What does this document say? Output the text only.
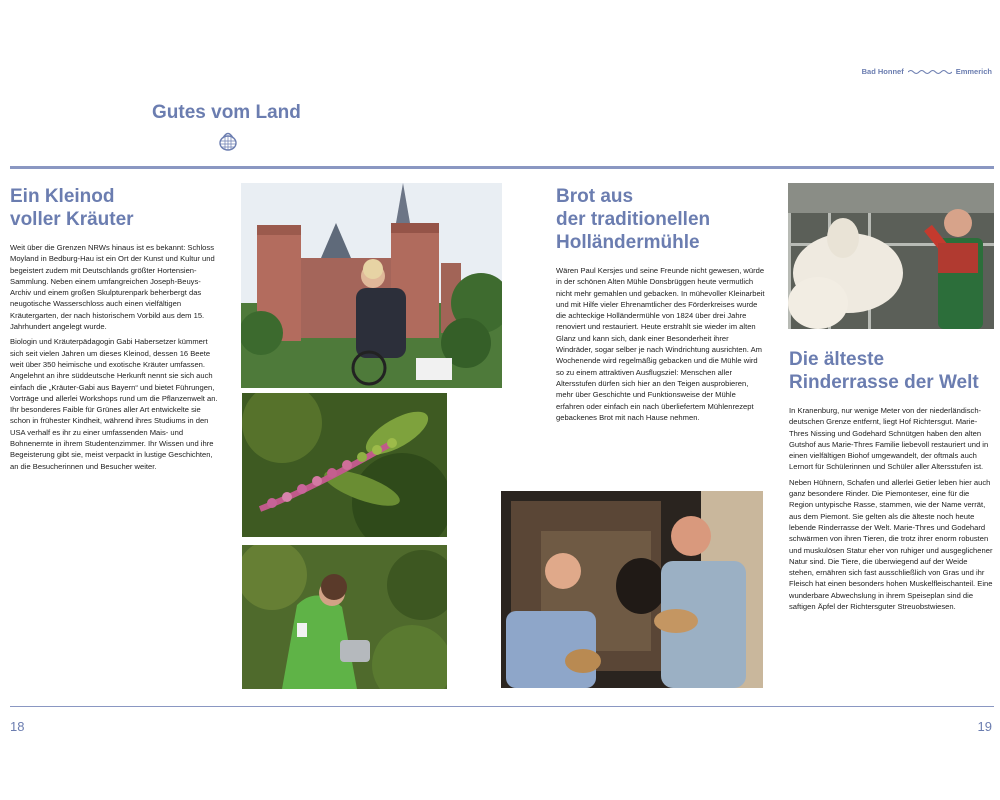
Bad Honnef	Emmerich
Gutes vom Land
Ein Kleinod
voller Kräuter

Weit über die Grenzen NRWs hinaus ist es bekannt: Schloss Moyland in Bedburg-Hau ist ein Ort der Kunst und Kultur und begeistert zudem mit Deutschlands größter Hortensien-Sammlung. Neben einem umfangreichen Joseph-Beuys-Archiv und einem großen Skulpturenpark beherbergt das neugotische Wasserschloss auch einen vielfältigen Kräutergarten, der nach historischem Vorbild aus dem 15. Jahrhundert angelegt wurde.

Biologin und Kräuterpädagogin Gabi Habersetzer kümmert sich seit vielen Jahren um dieses Kleinod, dessen 16 Beete weit über 350 heimische und exotische Kräuter umfassen. Angelehnt an ihre süddeutsche Herkunft nennt sie sich auch einfach die „Kräuter-Gabi aus Bayern“ und bietet Führungen, Vorträge und allerlei Workshops rund um die Pflanzenwelt an. Ihr besonderes Faible für Grünes aller Art entwickelte sie schon in frühester Kindheit, während ihres Studiums in den USA verhalf es ihr zu einer umfassenden Mais- und Bohnenernte in ihrem Studentenzimmer. Ihr Wissen und ihre Begeisterung gibt sie, meist verpackt in lustige Geschichten, an die Besucherinnen und Besucher weiter.

Brot aus
der traditionellen
Holländermühle

Wären Paul Kersjes und seine Freunde nicht gewesen, würde in der schönen Alten Mühle Donsbrüggen heute vermutlich nicht mehr gemahlen und gebacken. In mühevoller Kleinarbeit und mit Hilfe vieler Ehrenamtlicher des Förderkreises wurde die achteckige Holländermühle von 1824 über drei Jahre renoviert und restauriert. Heute erstrahlt sie wieder im alten Glanz und kann sich, dank einer Besonderheit ihrer Windräder, sogar selber je nach Windrichtung ausrichten. Am Wochenende wird regelmäßig gebacken und die Mühle wird so zu einem attraktiven Ausflugsziel: Menschen aller Altersstufen dürfen sich hier an den Teigen ausprobieren, mehr über Geschichte und Funktionsweise der Mühle erfahren oder einfach ein nach überliefertem Mühlenrezept gebackenes Brot mit nach Hause nehmen.

Die älteste
Rinderrasse der Welt

In Kranenburg, nur wenige Meter von der niederländisch-deutschen Grenze entfernt, liegt Hof Richtersgut. Marie-Thres Nissing und Godehard Schnütgen haben den alten Gutshof aus Marie-Thres Familie liebevoll restauriert und in einen vielfältigen Biohof umgewandelt, der oftmals auch Lernort für Schülerinnen und Schüler aller Altersstufen ist.

Neben Hühnern, Schafen und allerlei Getier leben hier auch ganz besondere Rinder. Die Piemonteser, eine für die Region untypische Rasse, stammen, wie der Name verrät, aus dem Piemont. Sie gelten als die älteste noch heute lebende Rinderrasse der Welt. Marie-Thres und Godehard schwärmen von ihren Tieren, die trotz ihrer enorm robusten und muskulösen Statur eher von ruhiger und ausgeglichener Natur sind. Die Tiere, die überwiegend auf der Weide stehen, ernähren sich fast ausschließlich von Gras und ihr Fleisch hat einen besonders hohen Muskelfleischanteil. Eine wunderbare Abwechslung in ihrem Speiseplan sind die saftigen Äpfel der Richtersguter Streuobstwiesen.

18	19
